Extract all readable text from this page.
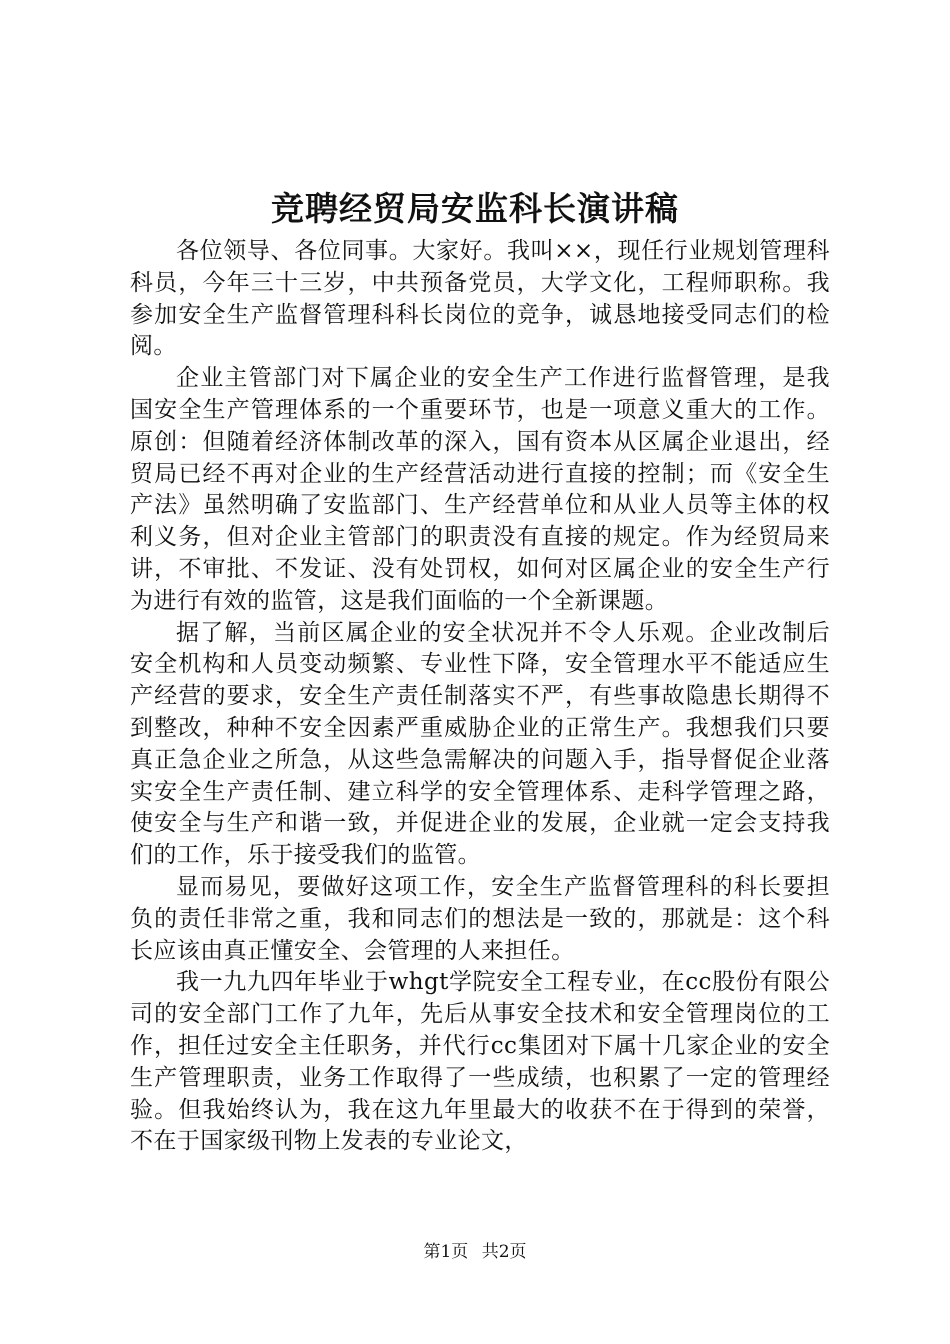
竞聘经贸局安监科长演讲稿

各位领导、各位同事。大家好。我叫××，现任行业规划管理科科员，今年三十三岁，中共预备党员，大学文化，工程师职称。我参加安全生产监督管理科科长岗位的竞争，诚恳地接受同志们的检阅。

企业主管部门对下属企业的安全生产工作进行监督管理，是我国安全生产管理体系的一个重要环节，也是一项意义重大的工作。原创：但随着经济体制改革的深入，国有资本从区属企业退出，经贸局已经不再对企业的生产经营活动进行直接的控制；而《安全生产法》虽然明确了安监部门、生产经营单位和从业人员等主体的权利义务，但对企业主管部门的职责没有直接的规定。作为经贸局来讲，不审批、不发证、没有处罚权，如何对区属企业的安全生产行为进行有效的监管，这是我们面临的一个全新课题。

据了解，当前区属企业的安全状况并不令人乐观。企业改制后安全机构和人员变动频繁、专业性下降，安全管理水平不能适应生产经营的要求，安全生产责任制落实不严，有些事故隐患长期得不到整改，种种不安全因素严重威胁企业的正常生产。我想我们只要真正急企业之所急，从这些急需解决的问题入手，指导督促企业落实安全生产责任制、建立科学的安全管理体系、走科学管理之路，使安全与生产和谐一致，并促进企业的发展，企业就一定会支持我们的工作，乐于接受我们的监管。

显而易见，要做好这项工作，安全生产监督管理科的科长要担负的责任非常之重，我和同志们的想法是一致的，那就是：这个科长应该由真正懂安全、会管理的人来担任。

我一九九四年毕业于whgt学院安全工程专业，在cc股份有限公司的安全部门工作了九年，先后从事安全技术和安全管理岗位的工作，担任过安全主任职务，并代行cc集团对下属十几家企业的安全生产管理职责，业务工作取得了一些成绩，也积累了一定的管理经验。但我始终认为，我在这九年里最大的收获不在于得到的荣誉，不在于国家级刊物上发表的专业论文，

第1页 共2页
